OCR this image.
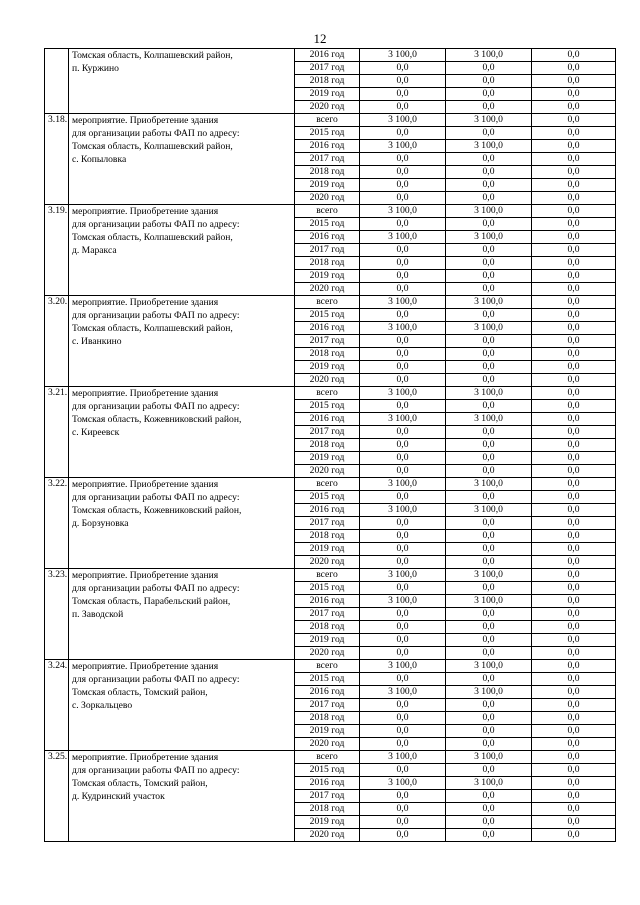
12

	Томская область, Колпашевский район,
п. Куржино	2016 год	3 100,0	3 100,0	0,0
		2017 год	0,0	0,0	0,0
		2018 год	0,0	0,0	0,0
		2019 год	0,0	0,0	0,0
		2020 год	0,0	0,0	0,0
3.18.	мероприятие. Приобретение здания
для организации работы ФАП по адресу:
Томская область, Колпашевский район,
с. Копыловка	всего	3 100,0	3 100,0	0,0
		2015 год	0,0	0,0	0,0
		2016 год	3 100,0	3 100,0	0,0
		2017 год	0,0	0,0	0,0
		2018 год	0,0	0,0	0,0
		2019 год	0,0	0,0	0,0
		2020 год	0,0	0,0	0,0
3.19.	мероприятие. Приобретение здания
для организации работы ФАП по адресу:
Томская область, Колпашевский район,
д. Маракса	всего	3 100,0	3 100,0	0,0
		2015 год	0,0	0,0	0,0
		2016 год	3 100,0	3 100,0	0,0
		2017 год	0,0	0,0	0,0
		2018 год	0,0	0,0	0,0
		2019 год	0,0	0,0	0,0
		2020 год	0,0	0,0	0,0
3.20.	мероприятие. Приобретение здания
для организации работы ФАП по адресу:
Томская область, Колпашевский район,
с. Иванкино	всего	3 100,0	3 100,0	0,0
		2015 год	0,0	0,0	0,0
		2016 год	3 100,0	3 100,0	0,0
		2017 год	0,0	0,0	0,0
		2018 год	0,0	0,0	0,0
		2019 год	0,0	0,0	0,0
		2020 год	0,0	0,0	0,0
3.21.	мероприятие. Приобретение здания
для организации работы ФАП по адресу:
Томская область, Кожевниковский район,
с. Киреевск	всего	3 100,0	3 100,0	0,0
		2015 год	0,0	0,0	0,0
		2016 год	3 100,0	3 100,0	0,0
		2017 год	0,0	0,0	0,0
		2018 год	0,0	0,0	0,0
		2019 год	0,0	0,0	0,0
		2020 год	0,0	0,0	0,0
3.22.	мероприятие. Приобретение здания
для организации работы ФАП по адресу:
Томская область, Кожевниковский район,
д. Борзуновка	всего	3 100,0	3 100,0	0,0
		2015 год	0,0	0,0	0,0
		2016 год	3 100,0	3 100,0	0,0
		2017 год	0,0	0,0	0,0
		2018 год	0,0	0,0	0,0
		2019 год	0,0	0,0	0,0
		2020 год	0,0	0,0	0,0
3.23.	мероприятие. Приобретение здания
для организации работы ФАП по адресу:
Томская область, Парабельский район,
п. Заводской	всего	3 100,0	3 100,0	0,0
		2015 год	0,0	0,0	0,0
		2016 год	3 100,0	3 100,0	0,0
		2017 год	0,0	0,0	0,0
		2018 год	0,0	0,0	0,0
		2019 год	0,0	0,0	0,0
		2020 год	0,0	0,0	0,0
3.24.	мероприятие. Приобретение здания
для организации работы ФАП по адресу:
Томская область, Томский район,
с. Зоркальцево	всего	3 100,0	3 100,0	0,0
		2015 год	0,0	0,0	0,0
		2016 год	3 100,0	3 100,0	0,0
		2017 год	0,0	0,0	0,0
		2018 год	0,0	0,0	0,0
		2019 год	0,0	0,0	0,0
		2020 год	0,0	0,0	0,0
3.25.	мероприятие. Приобретение здания
для организации работы ФАП по адресу:
Томская область, Томский район,
д. Кудринский участок	всего	3 100,0	3 100,0	0,0
		2015 год	0,0	0,0	0,0
		2016 год	3 100,0	3 100,0	0,0
		2017 год	0,0	0,0	0,0
		2018 год	0,0	0,0	0,0
		2019 год	0,0	0,0	0,0
		2020 год	0,0	0,0	0,0
